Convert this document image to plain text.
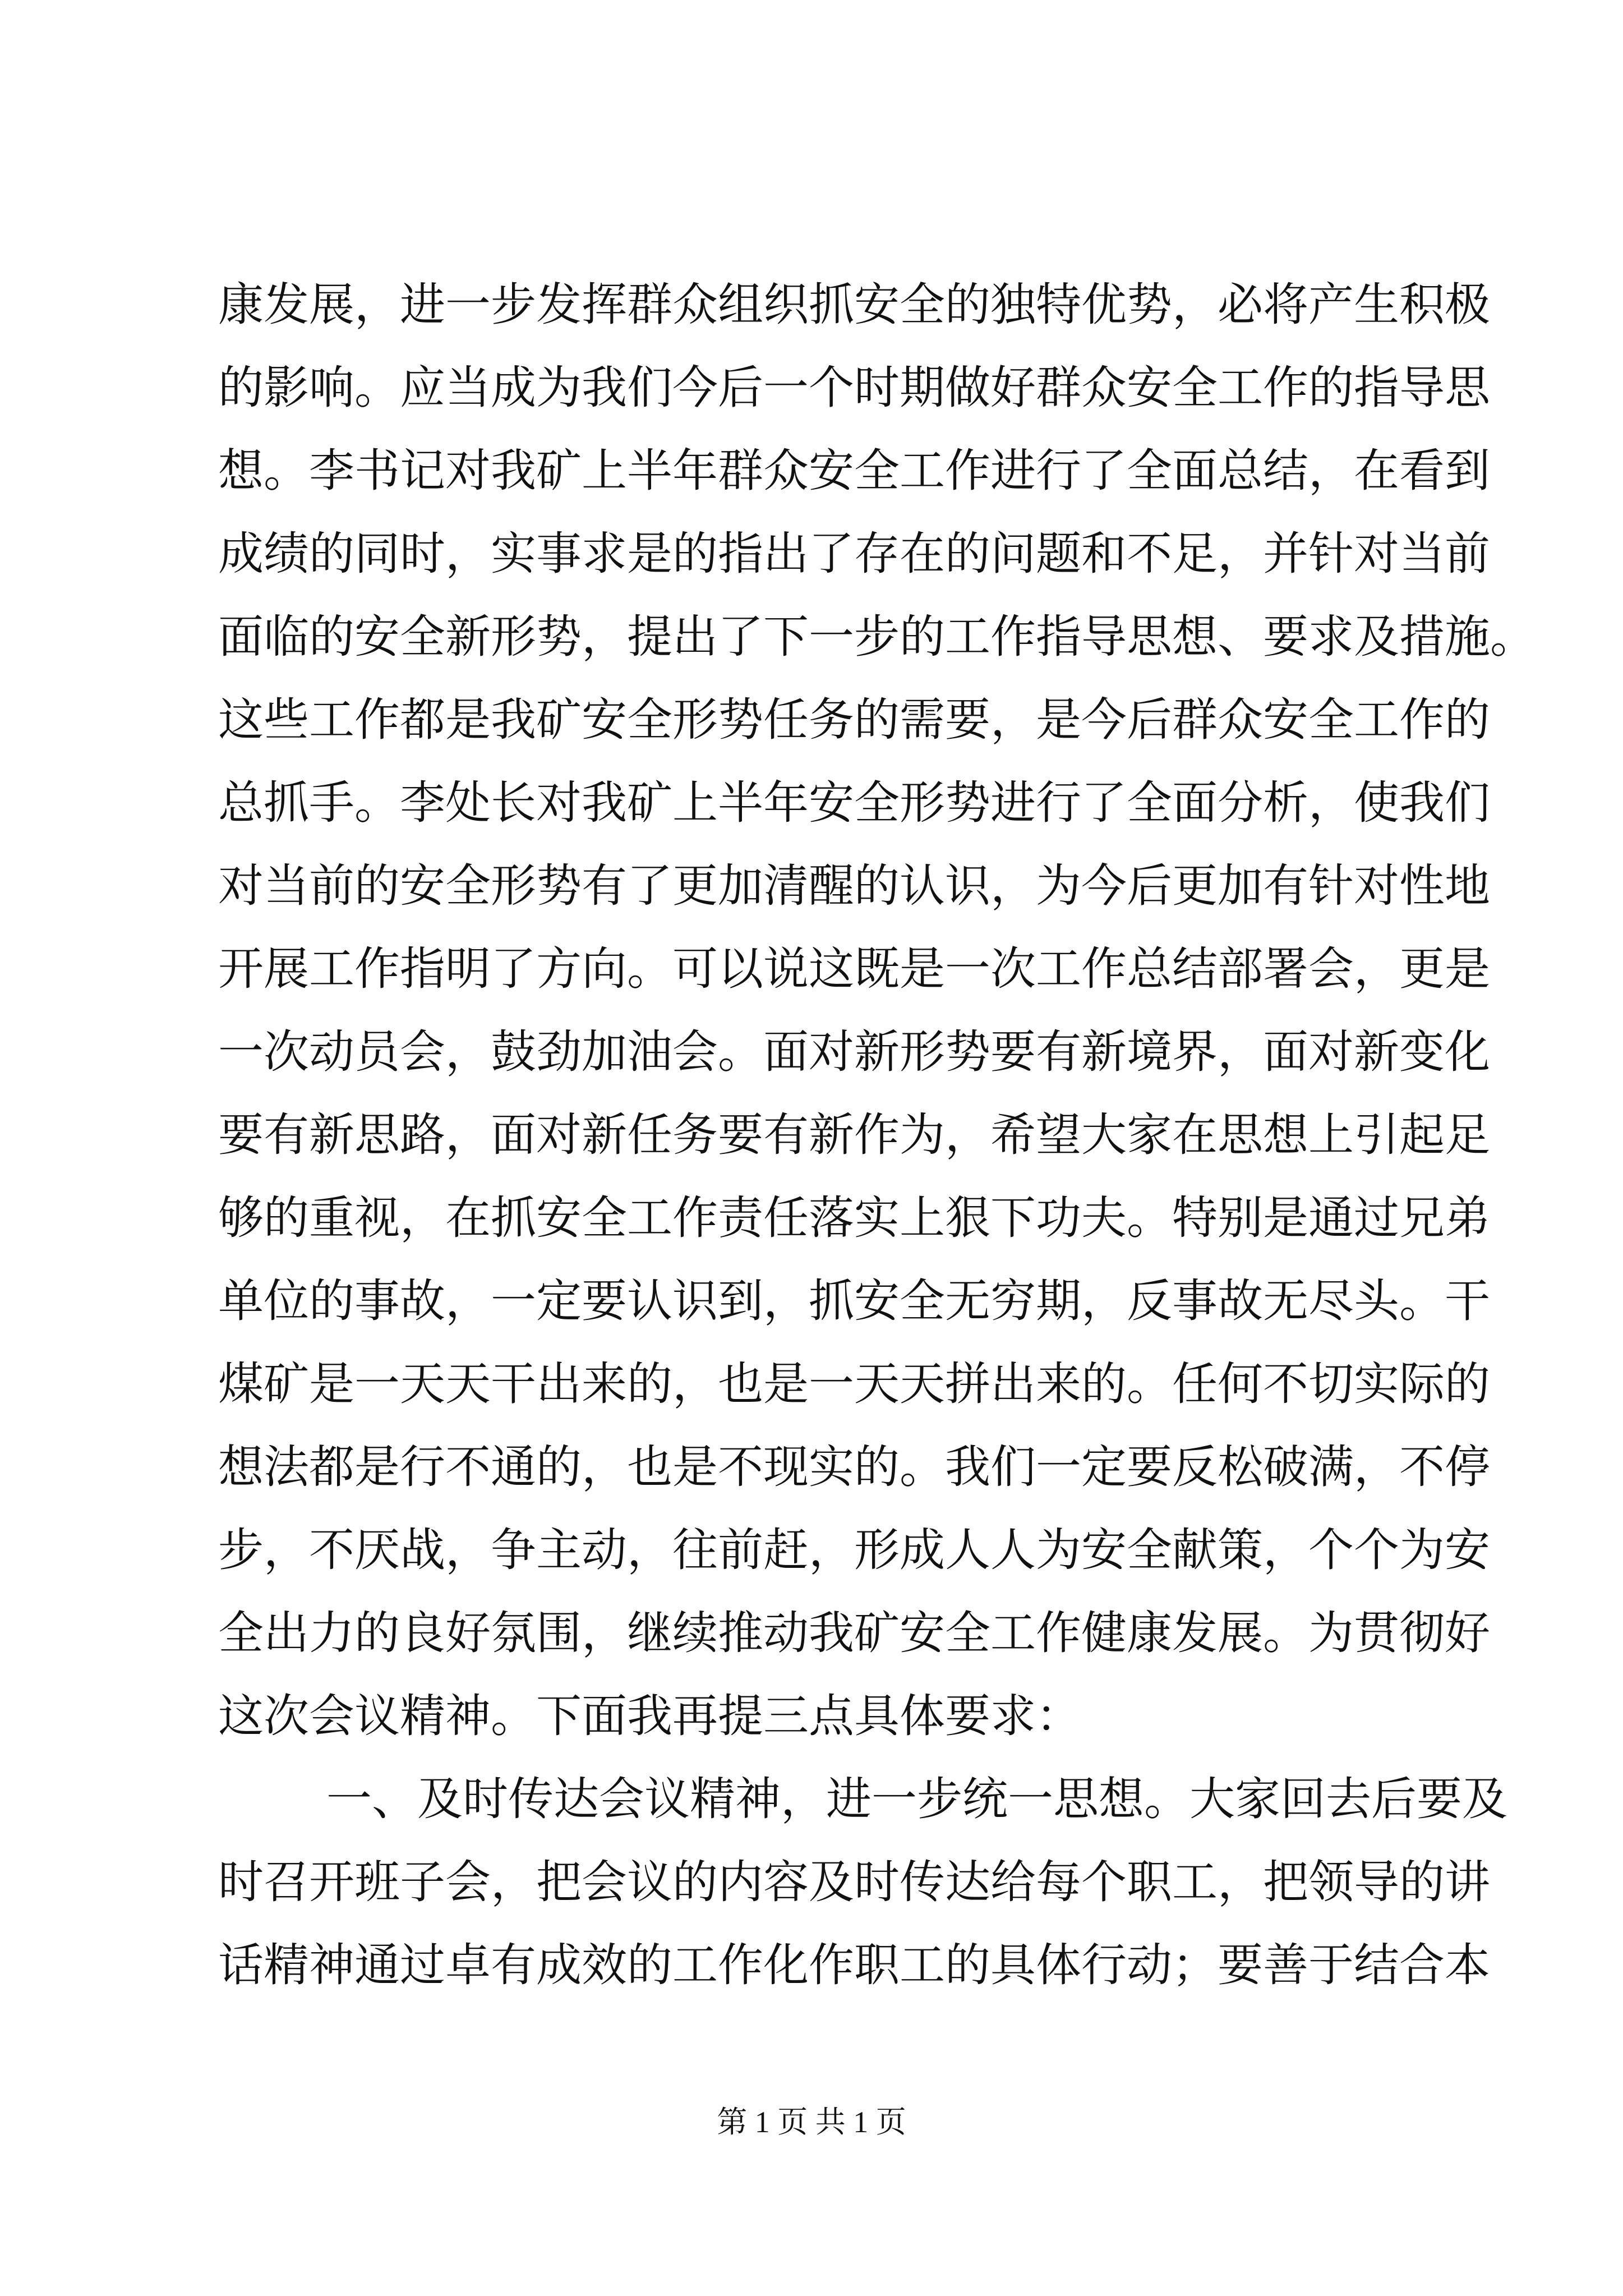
康发展，进一步发挥群众组织抓安全的独特优势，必将产生积极
的影响。应当成为我们今后一个时期做好群众安全工作的指导思
想。李书记对我矿上半年群众安全工作进行了全面总结，在看到
成绩的同时，实事求是的指出了存在的问题和不足，并针对当前
面临的安全新形势，提出了下一步的工作指导思想、要求及措施。
这些工作都是我矿安全形势任务的需要，是今后群众安全工作的
总抓手。李处长对我矿上半年安全形势进行了全面分析，使我们
对当前的安全形势有了更加清醒的认识，为今后更加有针对性地
开展工作指明了方向。可以说这既是一次工作总结部署会，更是
一次动员会，鼓劲加油会。面对新形势要有新境界，面对新变化
要有新思路，面对新任务要有新作为，希望大家在思想上引起足
够的重视，在抓安全工作责任落实上狠下功夫。特别是通过兄弟
单位的事故，一定要认识到，抓安全无穷期，反事故无尽头。干
煤矿是一天天干出来的，也是一天天拼出来的。任何不切实际的
想法都是行不通的，也是不现实的。我们一定要反松破满，不停
步，不厌战，争主动，往前赶，形成人人为安全献策，个个为安
全出力的良好氛围，继续推动我矿安全工作健康发展。为贯彻好
这次会议精神。下面我再提三点具体要求：
一、及时传达会议精神，进一步统一思想。大家回去后要及
时召开班子会，把会议的内容及时传达给每个职工，把领导的讲
话精神通过卓有成效的工作化作职工的具体行动；要善于结合本
第 1 页 共 1 页
